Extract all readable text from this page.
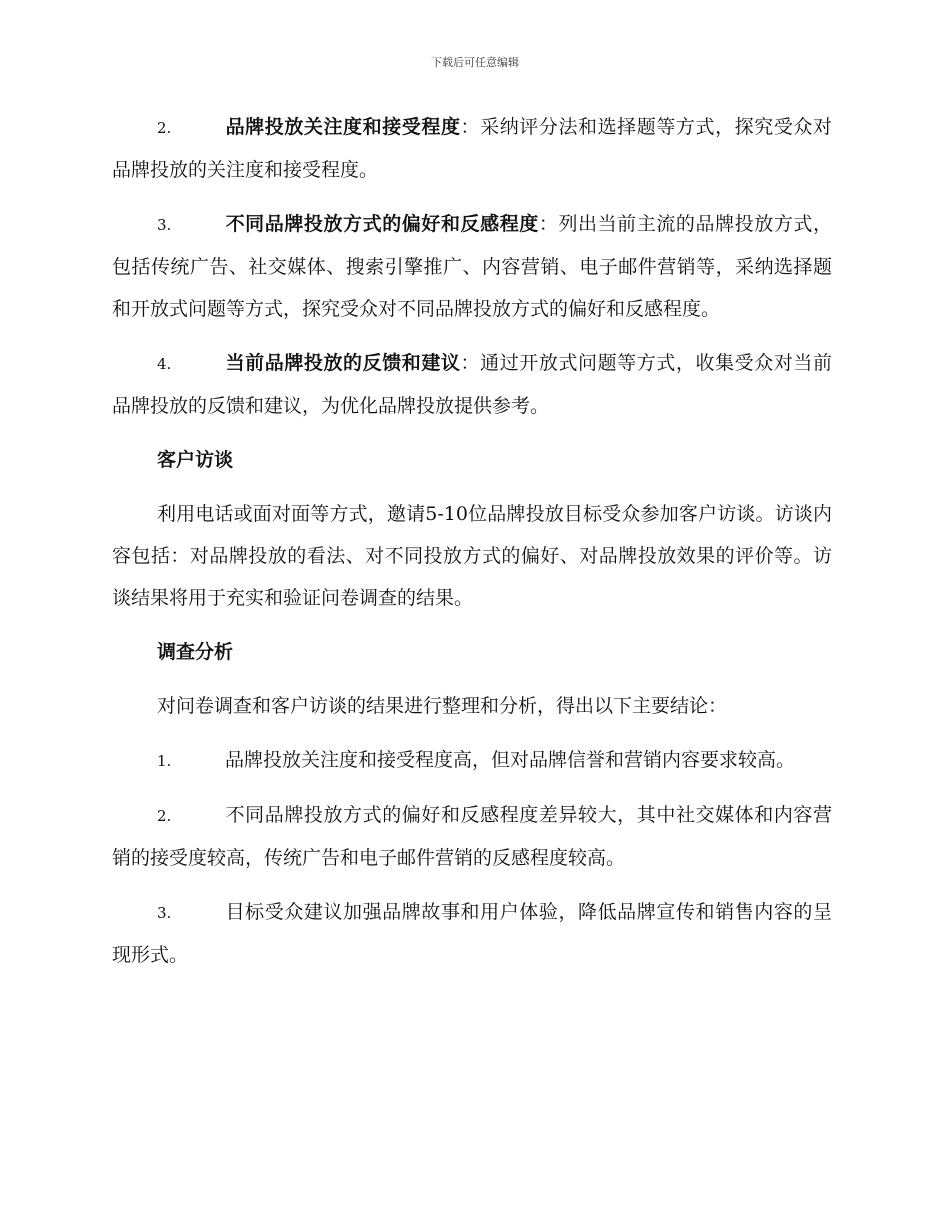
下载后可任意编辑

2.	品牌投放关注度和接受程度：采纳评分法和选择题等方式，探究受众对品牌投放的关注度和接受程度。

3.	不同品牌投放方式的偏好和反感程度：列出当前主流的品牌投放方式，包括传统广告、社交媒体、搜索引擎推广、内容营销、电子邮件营销等，采纳选择题和开放式问题等方式，探究受众对不同品牌投放方式的偏好和反感程度。

4.	当前品牌投放的反馈和建议：通过开放式问题等方式，收集受众对当前品牌投放的反馈和建议，为优化品牌投放提供参考。

客户访谈

利用电话或面对面等方式，邀请5-10位品牌投放目标受众参加客户访谈。访谈内容包括：对品牌投放的看法、对不同投放方式的偏好、对品牌投放效果的评价等。访谈结果将用于充实和验证问卷调查的结果。

调查分析

对问卷调查和客户访谈的结果进行整理和分析，得出以下主要结论：

1.	品牌投放关注度和接受程度高，但对品牌信誉和营销内容要求较高。

2.	不同品牌投放方式的偏好和反感程度差异较大，其中社交媒体和内容营销的接受度较高，传统广告和电子邮件营销的反感程度较高。

3.	目标受众建议加强品牌故事和用户体验，降低品牌宣传和销售内容的呈现形式。
